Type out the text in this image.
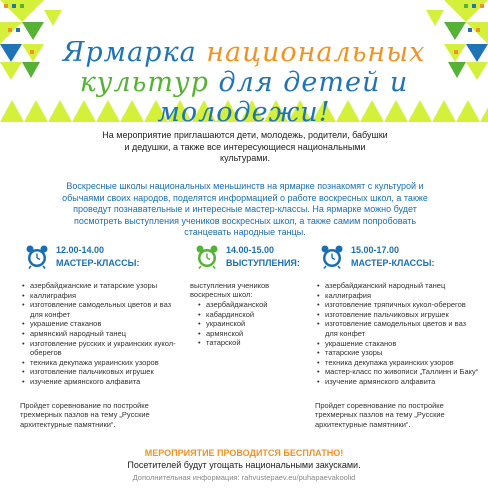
Ярмарка национальных
культур для детей и
молодежи!

На мероприятие приглашаются дети, молодежь, родители, бабушки и дедушки, а также все интересующиеся национальными культурами.

Воскресные школы национальных меньшинств на ярмарке познакомят с культурой и обычаями своих народов, поделятся информацией о работе воскресных школ, а также проведут познавательные и интересные мастер-классы. На ярмарке можно будет посмотреть выступления учеников воскресных школ, а также самим попробовать станцевать народные танцы.

12.00-14.00
МАСТЕР-КЛАССЫ:
• азербайджанские и татарские узоры
• каллиграфия
• изготовление самодельных цветов и ваз для конфет
• украшение стаканов
• армянский народный танец
• изготовление русских и украинских кукол-оберегов
• техника декупажа украинских узоров
• изготовление пальчиковых игрушек
• изучение армянского алфавита

Пройдет соревнование по постройке трехмерных пазлов на тему „Русские архитектурные памятники“.

14.00-15.00
ВЫСТУПЛЕНИЯ:

выступления учеников воскресных школ:

• азербайджанской
• кабардинской
• украинской
• армянской
• татарской
15.00-17.00
МАСТЕР-КЛАССЫ:
• азербайджанский народный танец
• каллиграфия
• изготовление тряпичных кукол-оберегов
• изготовление пальчиковых игрушек
• изготовление самодельных цветов и ваз для конфет
• украшение стаканов
• татарские узоры
• техника декупажа украинских узоров
• мастер-класс по живописи „Таллинн и Баку“
• изучение армянского алфавита

Пройдет соревнование по постройке трехмерных пазлов на тему „Русские архитектурные памятники“.

МЕРОПРИЯТИЕ ПРОВОДИТСЯ БЕСПЛАТНО!
Посетителей будут угощать национальными закусками.
Дополнительная информация: rahvustepaev.eu/puhapaevakoolid
